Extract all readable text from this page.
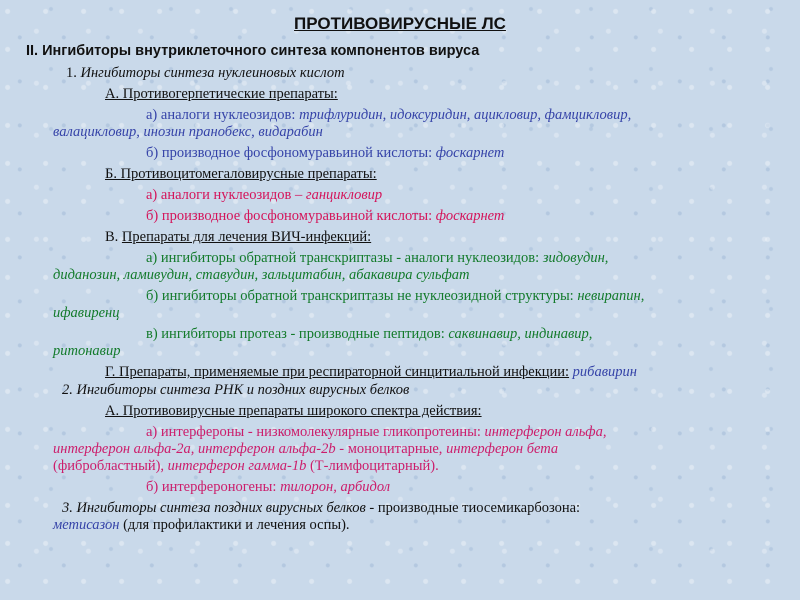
ПРОТИВОВИРУСНЫЕ ЛС
II. Ингибиторы внутриклеточного синтеза компонентов вируса
1. Ингибиторы синтеза нуклеиновых кислот
А. Противогерпетические препараты:
а) аналоги нуклеозидов: трифлуридин, идоксуридин, ацикловир, фамцикловир,
валацикловир, инозин пранобекс, видарабин
б) производное фосфономуравьиной кислоты: фоскарнет
Б. Противоцитомегаловирусные препараты:
а) аналоги нуклеозидов – ганцикловир
б) производное фосфономуравьиной кислоты: фоскарнет
В. Препараты для лечения ВИЧ-инфекций:
а) ингибиторы обратной транскриптазы - аналоги нуклеозидов: зидовудин,
диданозин, ламивудин, ставудин, зальцитабин, абакавира сульфат
б) ингибиторы обратной транскриптазы не нуклеозидной структуры: невирапин,
ифавиренц
в) ингибиторы протеаз - производные пептидов: саквинавир, индинавир,
ритонавир
Г. Препараты, применяемые при респираторной синцитиальной инфекции: рибавирин
2. Ингибиторы синтеза РНК и поздних вирусных белков
А. Противовирусные препараты широкого спектра действия:
а) интерфероны - низкомолекулярные гликопротеины: интерферон альфа,
интерферон альфа-2а, интерферон альфа-2b - моноцитарные, интерферон бета
(фибробластный), интерферон гамма-1b (Т-лимфоцитарный).
б) интерфероногены: тилорон, арбидол
3. Ингибиторы синтеза поздних вирусных белков - производные тиосемикарбозона:
метисазон (для профилактики и лечения оспы).
